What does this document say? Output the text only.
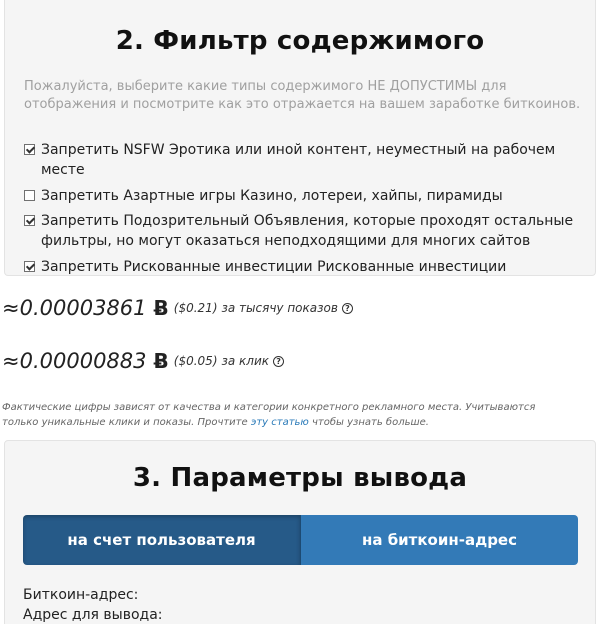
2. Фильтр содержимого

Пожалуйста, выберите какие типы содержимого НЕ ДОПУСТИМЫ для отображения и посмотрите как это отражается на вашем заработке биткоинов.

Запретить NSFW Эротика или иной контент, неуместный на рабочем месте
Запретить Азартные игры Казино, лотереи, хайпы, пирамиды
Запретить Подозрительный Объявления, которые проходят остальные фильтры, но могут оказаться неподходящими для многих сайтов
Запретить Рискованные инвестиции Рискованные инвестиции
≈0.00003861 Ƀ ($0.21) за тысячу показов ?
≈0.00000883 Ƀ ($0.05) за клик ?

Фактические цифры зависят от качества и категории конкретного рекламного места. Учитываются только уникальные клики и показы. Прочтите эту статью чтобы узнать больше.

3. Параметры вывода
на счет пользователя	на биткоин-адрес
Биткоин-адрес:
Адрес для вывода:
